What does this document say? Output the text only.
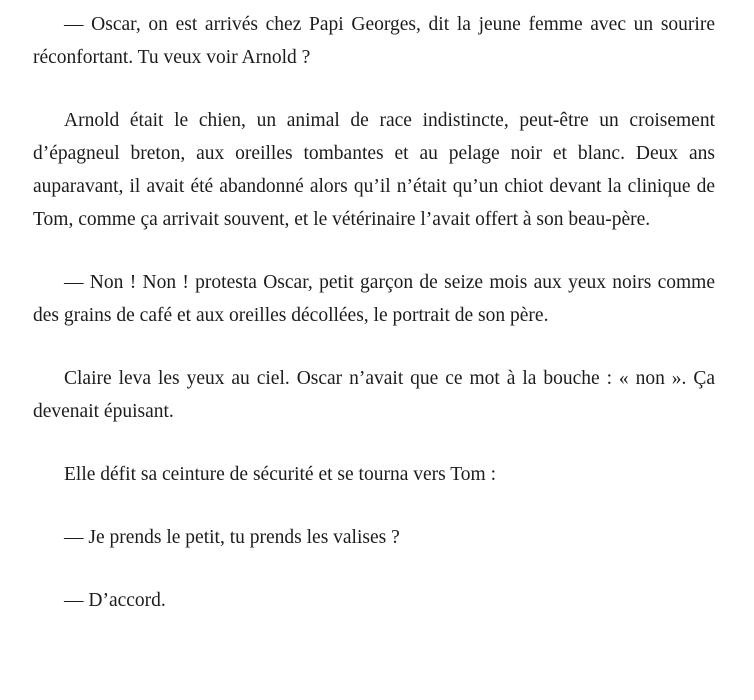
— Oscar, on est arrivés chez Papi Georges, dit la jeune femme avec un sourire réconfortant. Tu veux voir Arnold ?

Arnold était le chien, un animal de race indistincte, peut-être un croisement d’épagneul breton, aux oreilles tombantes et au pelage noir et blanc. Deux ans auparavant, il avait été abandonné alors qu’il n’était qu’un chiot devant la clinique de Tom, comme ça arrivait souvent, et le vétérinaire l’avait offert à son beau-père.

— Non ! Non ! protesta Oscar, petit garçon de seize mois aux yeux noirs comme des grains de café et aux oreilles décollées, le portrait de son père.

Claire leva les yeux au ciel. Oscar n’avait que ce mot à la bouche : « non ». Ça devenait épuisant.

Elle défit sa ceinture de sécurité et se tourna vers Tom :

— Je prends le petit, tu prends les valises ?

— D’accord.
